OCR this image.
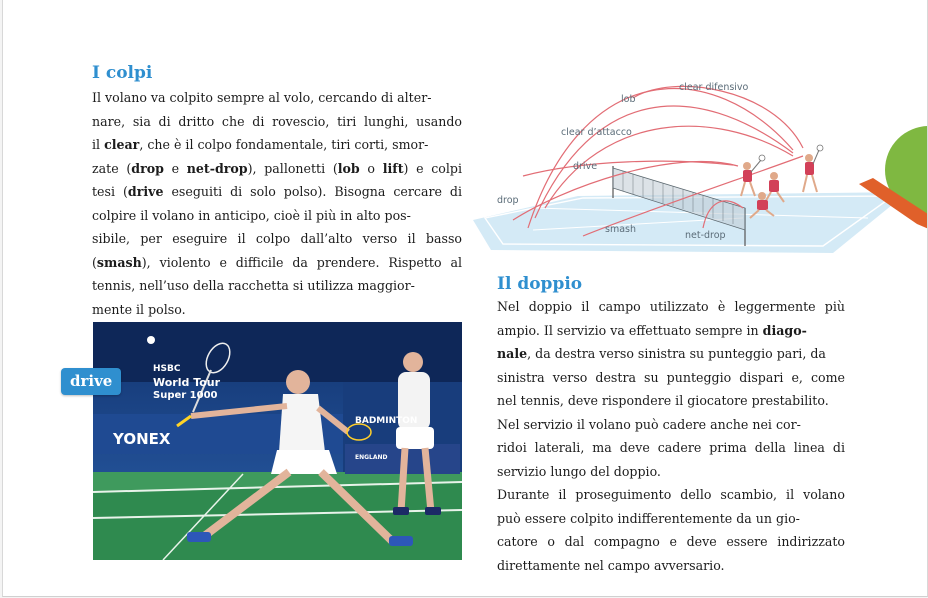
I colpi
Il volano va colpito sempre al volo, cercando di alter-
nare, sia di dritto che di rovescio, tiri lunghi, usando
il clear, che è il colpo fondamentale, tiri corti, smor-
zate (drop e net-drop), pallonetti (lob o lift) e colpi
tesi (drive eseguiti di solo polso). Bisogna cercare di
colpire il volano in anticipo, cioè il più in alto pos-
sibile, per eseguire il colpo dall’alto verso il basso
(smash), violento e difficile da prendere. Rispetto al
tennis, nell’uso della racchetta si utilizza maggior-
mente il polso.
clear difensivo
lob
clear d’attacco
drive
drop
smash
net-drop
Il doppio
Nel doppio il campo utilizzato è leggermente più
ampio. Il servizio va effettuato sempre in diago-
nale, da destra verso sinistra su punteggio pari, da
sinistra verso destra su punteggio dispari e, come
nel tennis, deve rispondere il giocatore prestabilito.
Nel servizio il volano può cadere anche nei cor-
ridoi laterali, ma deve cadere prima della linea di
servizio lungo del doppio.
Durante il proseguimento dello scambio, il volano
può essere colpito indifferentemente da un gio-
catore o dal compagno e deve essere indirizzato
direttamente nel campo avversario.
HSBC
World Tour
Super 1000
YONEX
BADMINTON
ENGLAND
drive
